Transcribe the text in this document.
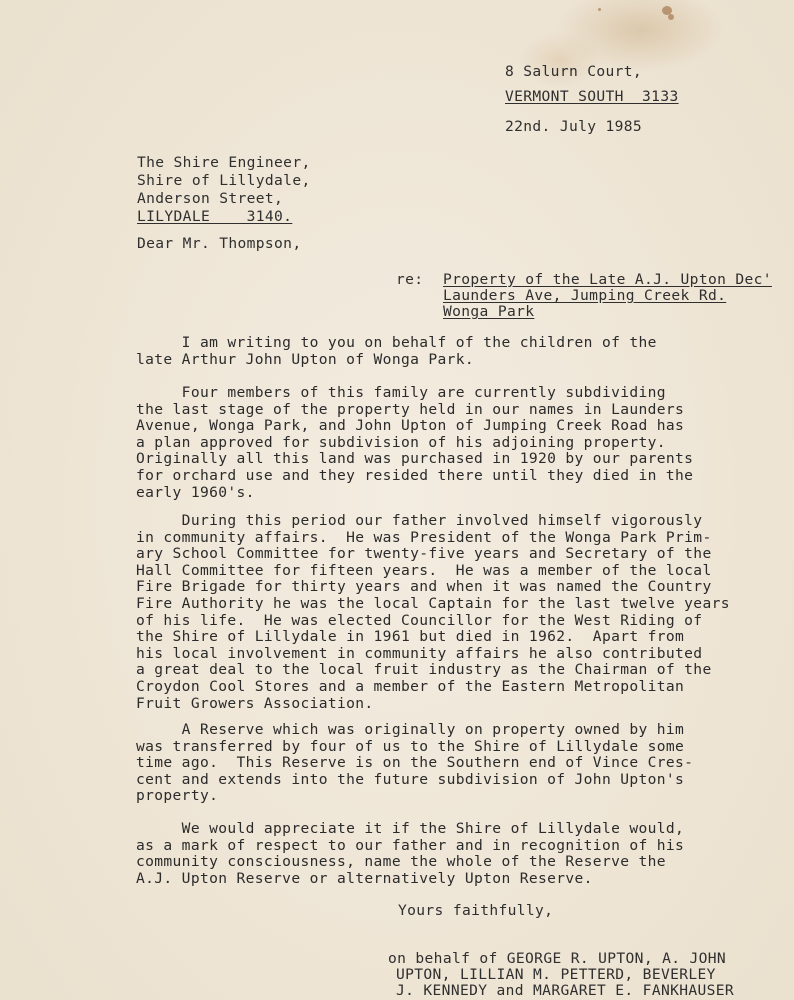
8 Salurn Court,
VERMONT SOUTH  3133
22nd. July 1985
The Shire Engineer,
Shire of Lillydale,
Anderson Street,
LILYDALE    3140.
Dear Mr. Thompson,
re: Property of the Late A.J. Upton Dec'
Launders Ave, Jumping Creek Rd.
Wonga Park
I am writing to you on behalf of the children of the
late Arthur John Upton of Wonga Park.
Four members of this family are currently subdividing
the last stage of the property held in our names in Launders
Avenue, Wonga Park, and John Upton of Jumping Creek Road has
a plan approved for subdivision of his adjoining property.
Originally all this land was purchased in 1920 by our parents
for orchard use and they resided there until they died in the
early 1960's.
During this period our father involved himself vigorously
in community affairs.  He was President of the Wonga Park Prim-
ary School Committee for twenty-five years and Secretary of the
Hall Committee for fifteen years.  He was a member of the local
Fire Brigade for thirty years and when it was named the Country
Fire Authority he was the local Captain for the last twelve years
of his life.  He was elected Councillor for the West Riding of
the Shire of Lillydale in 1961 but died in 1962.  Apart from
his local involvement in community affairs he also contributed
a great deal to the local fruit industry as the Chairman of the
Croydon Cool Stores and a member of the Eastern Metropolitan
Fruit Growers Association.
A Reserve which was originally on property owned by him
was transferred by four of us to the Shire of Lillydale some
time ago.  This Reserve is on the Southern end of Vince Cres-
cent and extends into the future subdivision of John Upton's
property.
We would appreciate it if the Shire of Lillydale would,
as a mark of respect to our father and in recognition of his
community consciousness, name the whole of the Reserve the
A.J. Upton Reserve or alternatively Upton Reserve.
Yours faithfully,
on behalf of GEORGE R. UPTON, A. JOHN
UPTON, LILLIAN M. PETTERD, BEVERLEY
J. KENNEDY and MARGARET E. FANKHAUSER
